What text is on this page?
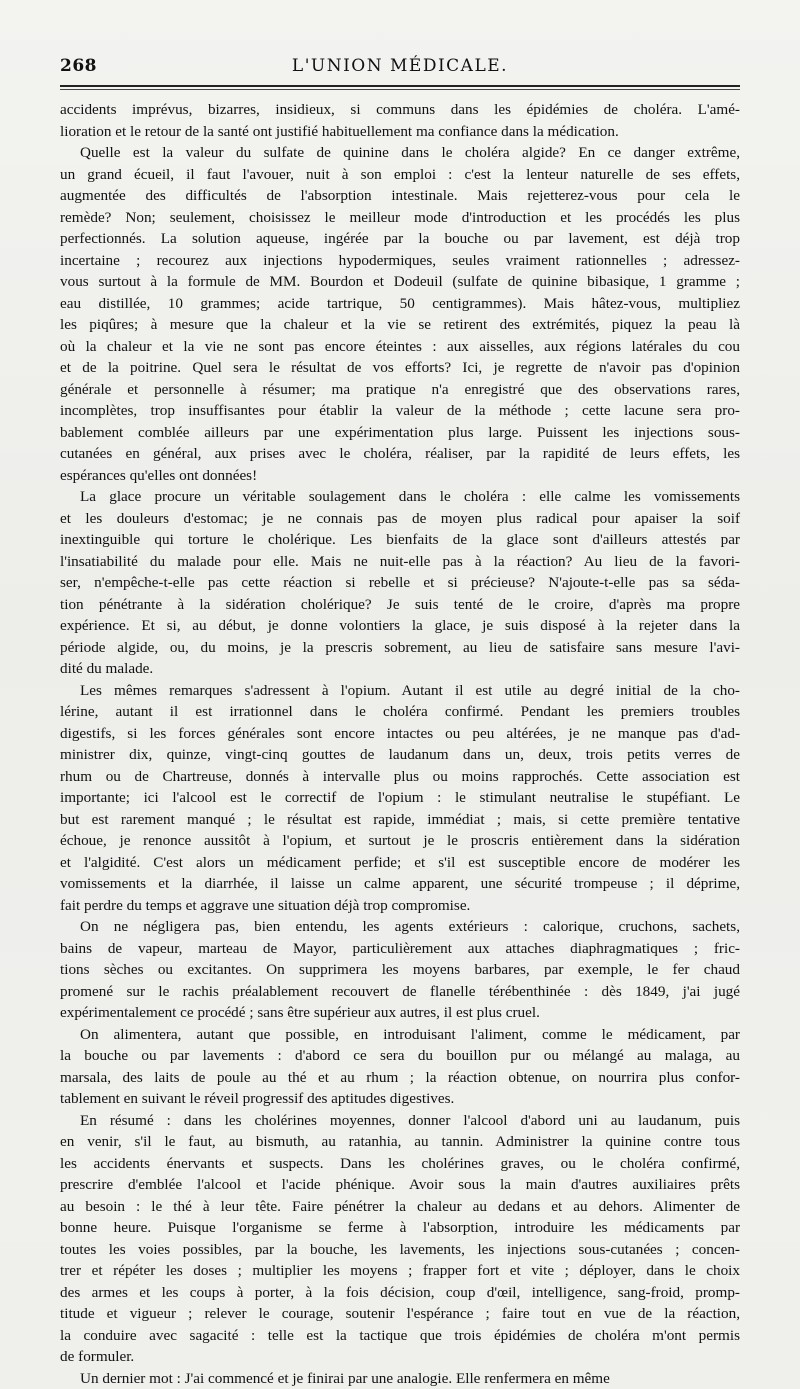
268	L'UNION MÉDICALE.

accidents imprévus, bizarres, insidieux, si communs dans les épidémies de choléra. L'amé-
lioration et le retour de la santé ont justifié habituellement ma confiance dans la médication.

Quelle est la valeur du sulfate de quinine dans le choléra algide? En ce danger extrême,
un grand écueil, il faut l'avouer, nuit à son emploi : c'est la lenteur naturelle de ses effets,
augmentée des difficultés de l'absorption intestinale. Mais rejetterez-vous pour cela le
remède? Non; seulement, choisissez le meilleur mode d'introduction et les procédés les plus
perfectionnés. La solution aqueuse, ingérée par la bouche ou par lavement, est déjà trop
incertaine ; recourez aux injections hypodermiques, seules vraiment rationnelles ; adressez-
vous surtout à la formule de MM. Bourdon et Dodeuil (sulfate de quinine bibasique, 1 gramme ;
eau distillée, 10 grammes; acide tartrique, 50 centigrammes). Mais hâtez-vous, multipliez
les piqûres; à mesure que la chaleur et la vie se retirent des extrémités, piquez la peau là
où la chaleur et la vie ne sont pas encore éteintes : aux aisselles, aux régions latérales du cou
et de la poitrine. Quel sera le résultat de vos efforts? Ici, je regrette de n'avoir pas d'opinion
générale et personnelle à résumer; ma pratique n'a enregistré que des observations rares,
incomplètes, trop insuffisantes pour établir la valeur de la méthode ; cette lacune sera pro-
bablement comblée ailleurs par une expérimentation plus large. Puissent les injections sous-
cutanées en général, aux prises avec le choléra, réaliser, par la rapidité de leurs effets, les
espérances qu'elles ont données!

La glace procure un véritable soulagement dans le choléra : elle calme les vomissements
et les douleurs d'estomac; je ne connais pas de moyen plus radical pour apaiser la soif
inextinguible qui torture le cholérique. Les bienfaits de la glace sont d'ailleurs attestés par
l'insatiabilité du malade pour elle. Mais ne nuit-elle pas à la réaction? Au lieu de la favori-
ser, n'empêche-t-elle pas cette réaction si rebelle et si précieuse? N'ajoute-t-elle pas sa séda-
tion pénétrante à la sidération cholérique? Je suis tenté de le croire, d'après ma propre
expérience. Et si, au début, je donne volontiers la glace, je suis disposé à la rejeter dans la
période algide, ou, du moins, je la prescris sobrement, au lieu de satisfaire sans mesure l'avi-
dité du malade.

Les mêmes remarques s'adressent à l'opium. Autant il est utile au degré initial de la cho-
lérine, autant il est irrationnel dans le choléra confirmé. Pendant les premiers troubles
digestifs, si les forces générales sont encore intactes ou peu altérées, je ne manque pas d'ad-
ministrer dix, quinze, vingt-cinq gouttes de laudanum dans un, deux, trois petits verres de
rhum ou de Chartreuse, donnés à intervalle plus ou moins rapprochés. Cette association est
importante; ici l'alcool est le correctif de l'opium : le stimulant neutralise le stupéfiant. Le
but est rarement manqué ; le résultat est rapide, immédiat ; mais, si cette première tentative
échoue, je renonce aussitôt à l'opium, et surtout je le proscris entièrement dans la sidération
et l'algidité. C'est alors un médicament perfide; et s'il est susceptible encore de modérer les
vomissements et la diarrhée, il laisse un calme apparent, une sécurité trompeuse ; il déprime,
fait perdre du temps et aggrave une situation déjà trop compromise.

On ne négligera pas, bien entendu, les agents extérieurs : calorique, cruchons, sachets,
bains de vapeur, marteau de Mayor, particulièrement aux attaches diaphragmatiques ; fric-
tions sèches ou excitantes. On supprimera les moyens barbares, par exemple, le fer chaud
promené sur le rachis préalablement recouvert de flanelle térébenthinée : dès 1849, j'ai jugé
expérimentalement ce procédé ; sans être supérieur aux autres, il est plus cruel.

On alimentera, autant que possible, en introduisant l'aliment, comme le médicament, par
la bouche ou par lavements : d'abord ce sera du bouillon pur ou mélangé au malaga, au
marsala, des laits de poule au thé et au rhum ; la réaction obtenue, on nourrira plus confor-
tablement en suivant le réveil progressif des aptitudes digestives.

En résumé : dans les cholérines moyennes, donner l'alcool d'abord uni au laudanum, puis
en venir, s'il le faut, au bismuth, au ratanhia, au tannin. Administrer la quinine contre tous
les accidents énervants et suspects. Dans les cholérines graves, ou le choléra confirmé,
prescrire d'emblée l'alcool et l'acide phénique. Avoir sous la main d'autres auxiliaires prêts
au besoin : le thé à leur tête. Faire pénétrer la chaleur au dedans et au dehors. Alimenter de
bonne heure. Puisque l'organisme se ferme à l'absorption, introduire les médicaments par
toutes les voies possibles, par la bouche, les lavements, les injections sous-cutanées ; concen-
trer et répéter les doses ; multiplier les moyens ; frapper fort et vite ; déployer, dans le choix
des armes et les coups à porter, à la fois décision, coup d'œil, intelligence, sang-froid, promp-
titude et vigueur ; relever le courage, soutenir l'espérance ; faire tout en vue de la réaction,
la conduire avec sagacité : telle est la tactique que trois épidémies de choléra m'ont permis
de formuler.

Un dernier mot : J'ai commencé et je finirai par une analogie. Elle renfermera en même
